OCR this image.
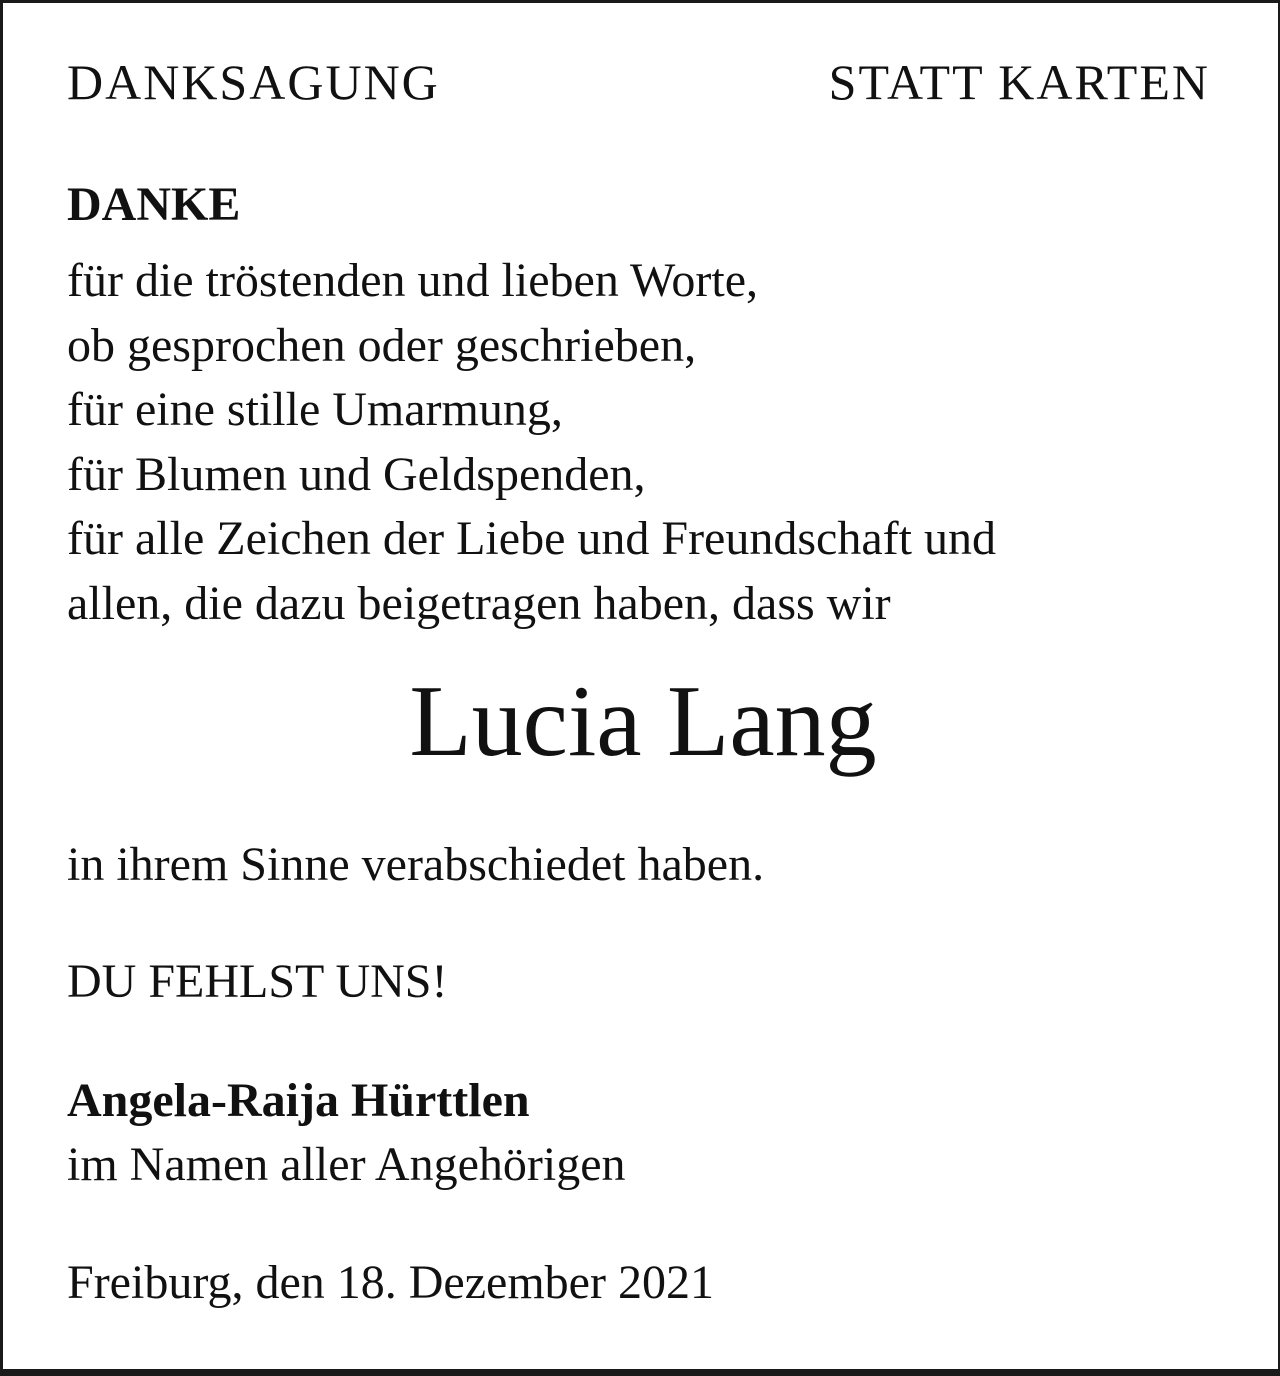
DANKSAGUNG	STATT KARTEN
DANKE
für die tröstenden und lieben Worte,
ob gesprochen oder geschrieben,
für eine stille Umarmung,
für Blumen und Geldspenden,
für alle Zeichen der Liebe und Freundschaft und
allen, die dazu beigetragen haben, dass wir
Lucia Lang
in ihrem Sinne verabschiedet haben.
DU FEHLST UNS!
Angela-Raija Hürttlen
im Namen aller Angehörigen
Freiburg, den 18. Dezember 2021
